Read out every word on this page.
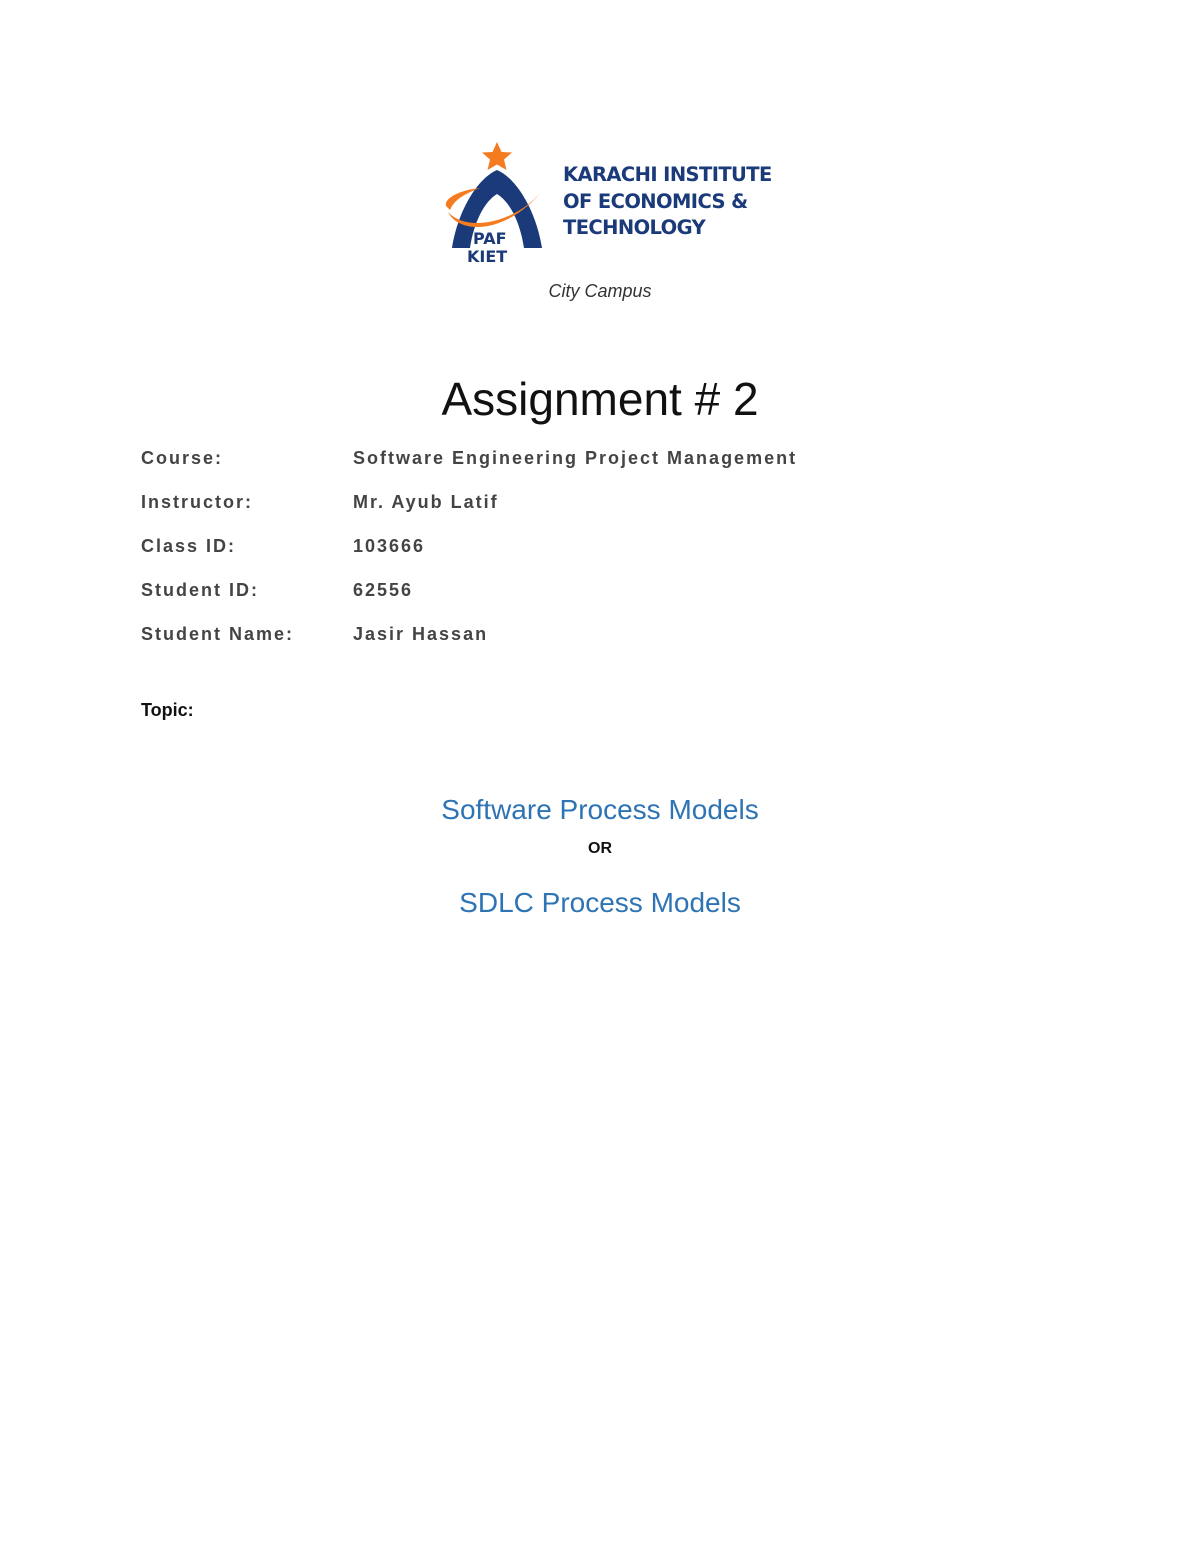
PAF
KIET
KARACHI INSTITUTE
OF ECONOMICS &
TECHNOLOGY
City Campus
Assignment # 2
Course:	Software Engineering Project Management
Instructor:	Mr. Ayub Latif
Class ID:	103666
Student ID:	62556
Student Name:	Jasir Hassan
Topic:
Software Process Models
OR
SDLC Process Models
